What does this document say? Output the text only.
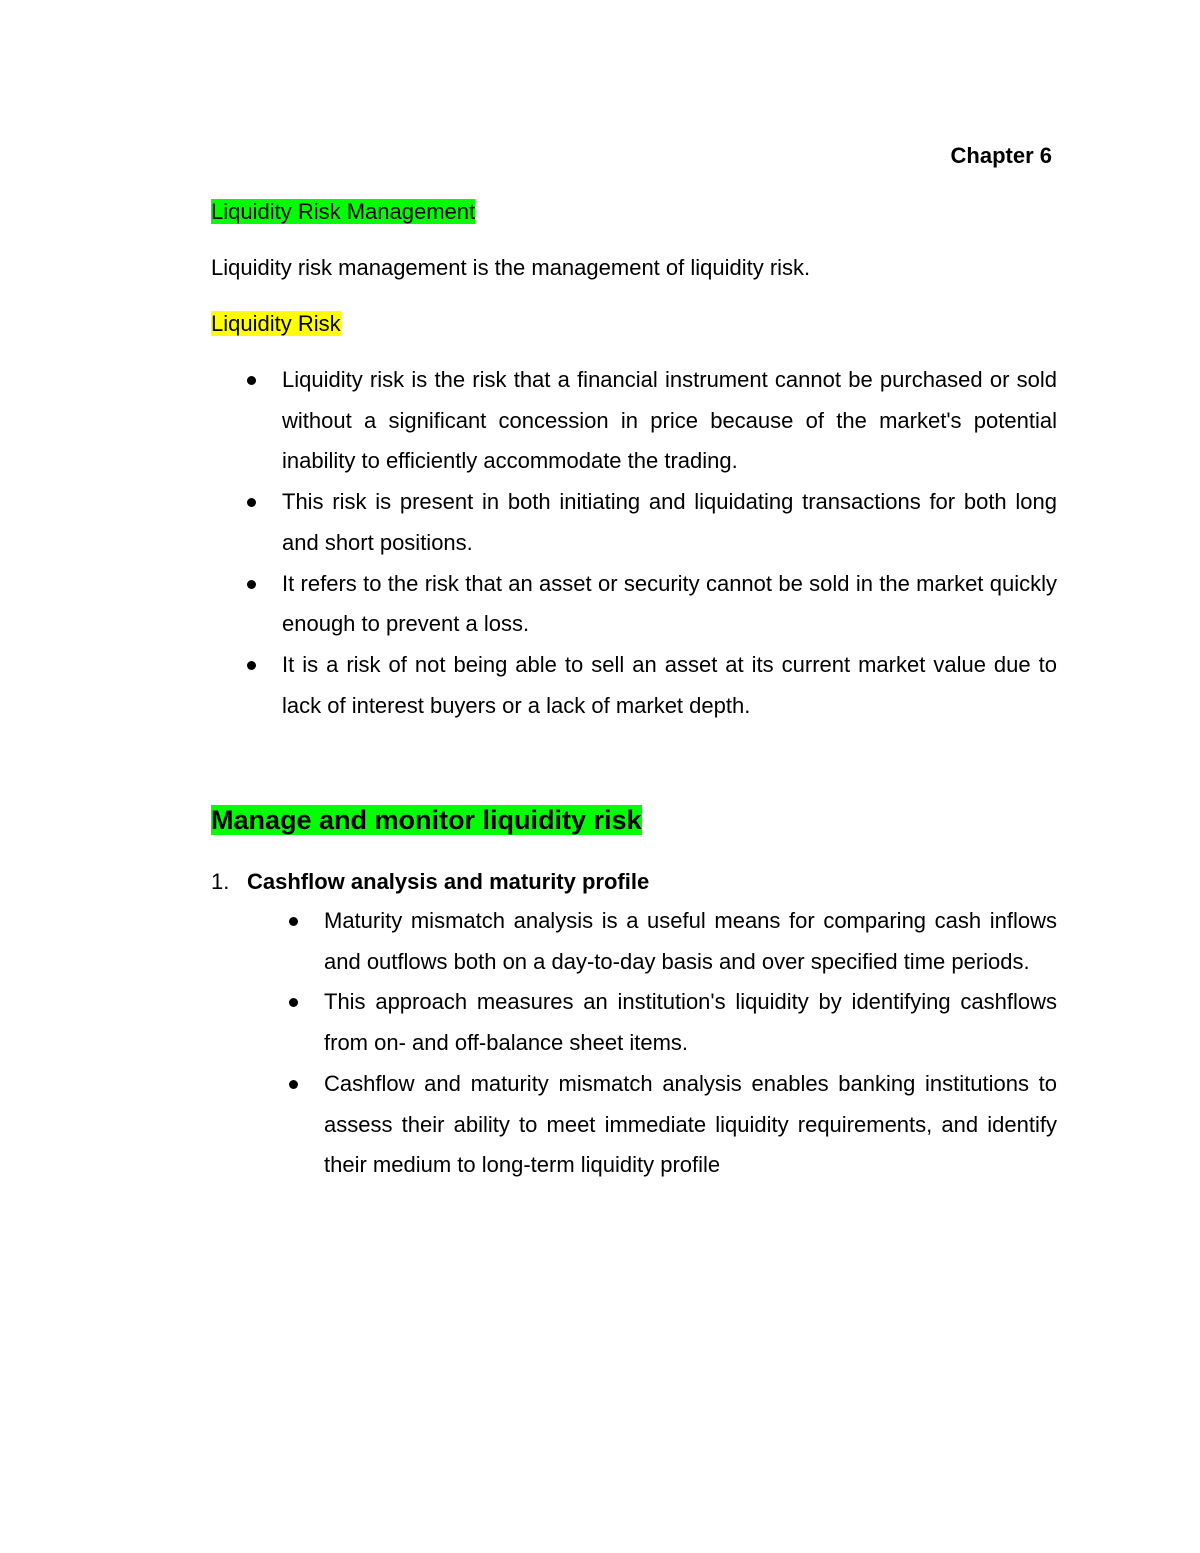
Chapter 6
Liquidity Risk Management
Liquidity risk management is the management of liquidity risk.
Liquidity Risk
Liquidity risk is the risk that a financial instrument cannot be purchased or sold without a significant concession in price because of the market's potential inability to efficiently accommodate the trading.
This risk is present in both initiating and liquidating transactions for both long and short positions.
It refers to the risk that an asset or security cannot be sold in the market quickly enough to prevent a loss.
It is a risk of not being able to sell an asset at its current market value due to lack of interest buyers or a lack of market depth.
Manage and monitor liquidity risk
1. Cashflow analysis and maturity profile
Maturity mismatch analysis is a useful means for comparing cash inflows and outflows both on a day-to-day basis and over specified time periods.
This approach measures an institution's liquidity by identifying cashflows from on- and off-balance sheet items.
Cashflow and maturity mismatch analysis enables banking institutions to assess their ability to meet immediate liquidity requirements, and identify their medium to long-term liquidity profile
